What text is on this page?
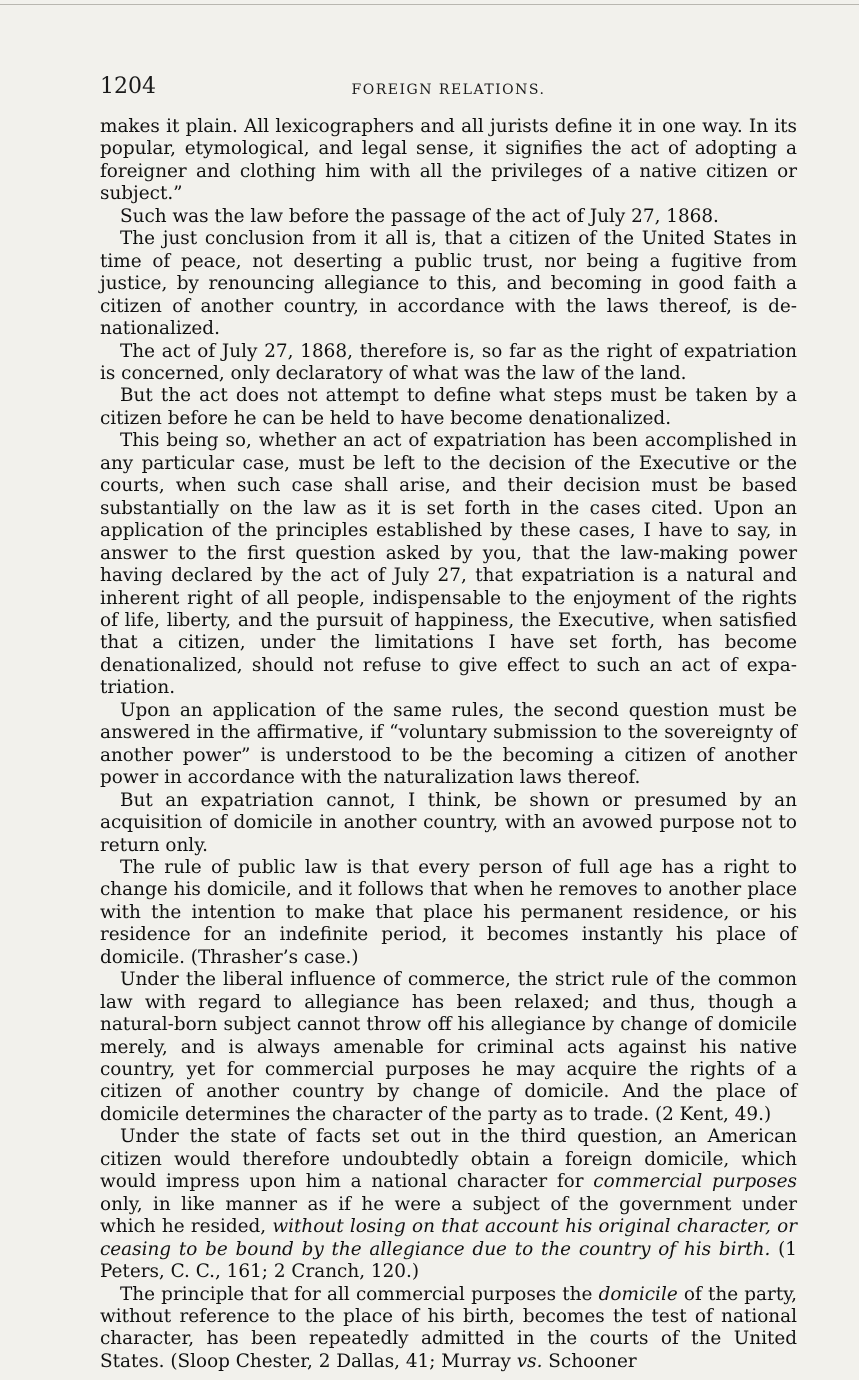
1204	FOREIGN RELATIONS.

makes it plain. All lexicographers and all jurists define it in one way. In its popular, etymological, and legal sense, it signifies the act of adopting a foreigner and clothing him with all the privileges of a native citizen or subject.”

Such was the law before the passage of the act of July 27, 1868.

The just conclusion from it all is, that a citizen of the United States in time of peace, not deserting a public trust, nor being a fugitive from justice, by renouncing allegiance to this, and becoming in good faith a citizen of another country, in accordance with the laws thereof, is denationalized.

The act of July 27, 1868, therefore is, so far as the right of expatriation is concerned, only declaratory of what was the law of the land.

But the act does not attempt to define what steps must be taken by a citizen before he can be held to have become denationalized.

This being so, whether an act of expatriation has been accomplished in any particular case, must be left to the decision of the Executive or the courts, when such case shall arise, and their decision must be based substantially on the law as it is set forth in the cases cited. Upon an application of the principles established by these cases, I have to say, in answer to the first question asked by you, that the law-making power having declared by the act of July 27, that expatriation is a natural and inherent right of all people, indispensable to the enjoyment of the rights of life, liberty, and the pursuit of happiness, the Executive, when satisfied that a citizen, under the limitations I have set forth, has become denationalized, should not refuse to give effect to such an act of expatriation.

Upon an application of the same rules, the second question must be answered in the affirmative, if “voluntary submission to the sovereignty of another power” is understood to be the becoming a citizen of another power in accordance with the naturalization laws thereof.

But an expatriation cannot, I think, be shown or presumed by an acquisition of domicile in another country, with an avowed purpose not to return only.

The rule of public law is that every person of full age has a right to change his domicile, and it follows that when he removes to another place with the intention to make that place his permanent residence, or his residence for an indefinite period, it becomes instantly his place of domicile. (Thrasher’s case.)

Under the liberal influence of commerce, the strict rule of the common law with regard to allegiance has been relaxed; and thus, though a natural-born subject cannot throw off his allegiance by change of domicile merely, and is always amenable for criminal acts against his native country, yet for commercial purposes he may acquire the rights of a citizen of another country by change of domicile. And the place of domicile determines the character of the party as to trade. (2 Kent, 49.)

Under the state of facts set out in the third question, an American citizen would therefore undoubtedly obtain a foreign domicile, which would impress upon him a national character for commercial purposes only, in like manner as if he were a subject of the government under which he resided, without losing on that account his original character, or ceasing to be bound by the allegiance due to the country of his birth. (1 Peters, C. C., 161; 2 Cranch, 120.)

The principle that for all commercial purposes the domicile of the party, without reference to the place of his birth, becomes the test of national character, has been repeatedly admitted in the courts of the United States. (Sloop Chester, 2 Dallas, 41; Murray vs. Schooner
